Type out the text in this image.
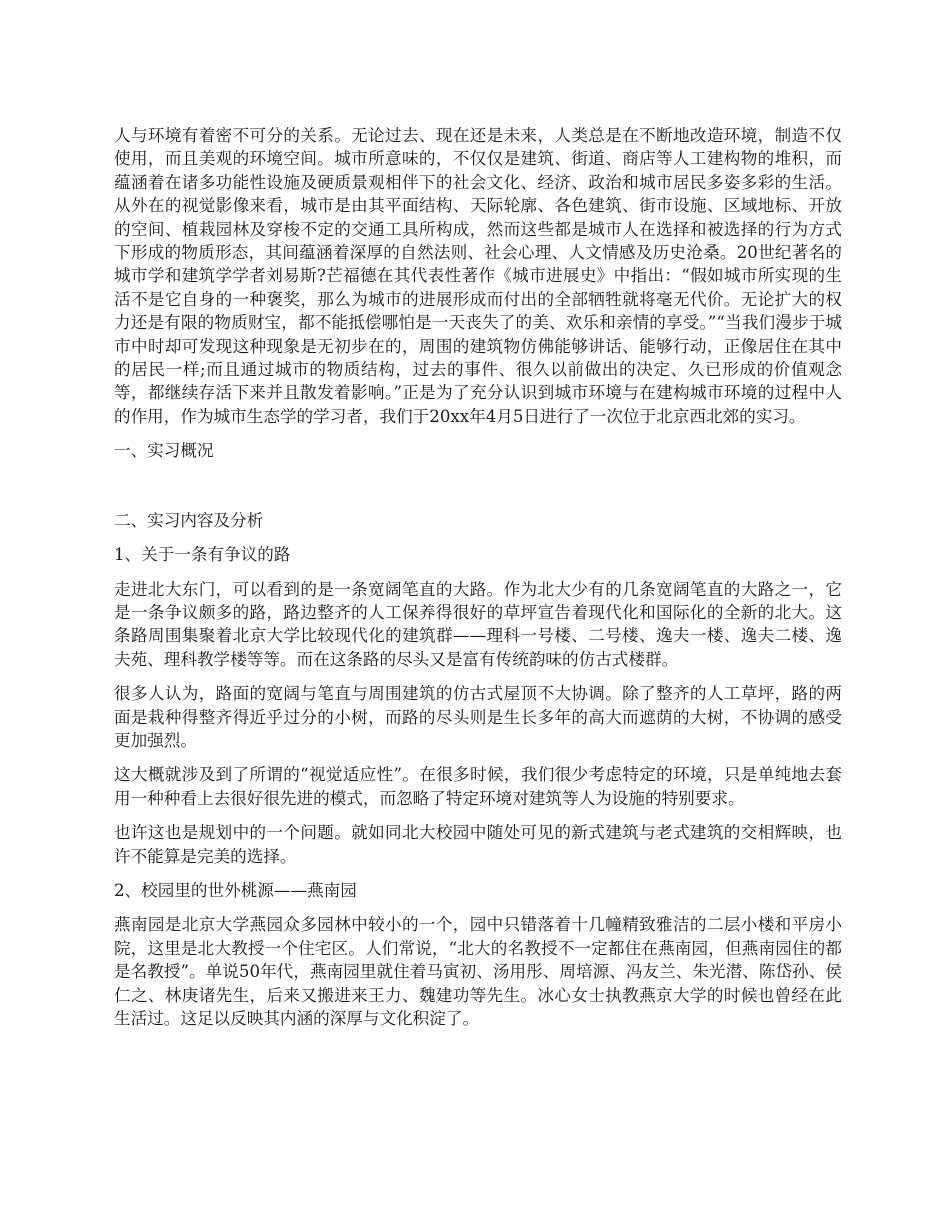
人与环境有着密不可分的关系。无论过去、现在还是未来，人类总是在不断地改造环境，制造不仅使用，而且美观的环境空间。城市所意味的，不仅仅是建筑、街道、商店等人工建构物的堆积，而蕴涵着在诸多功能性设施及硬质景观相伴下的社会文化、经济、政治和城市居民多姿多彩的生活。从外在的视觉影像来看，城市是由其平面结构、天际轮廓、各色建筑、街市设施、区域地标、开放的空间、植栽园林及穿梭不定的交通工具所构成，然而这些都是城市人在选择和被选择的行为方式下形成的物质形态，其间蕴涵着深厚的自然法则、社会心理、人文情感及历史沧桑。20世纪著名的城市学和建筑学学者刘易斯?芒福德在其代表性著作《城市进展史》中指出：“假如城市所实现的生活不是它自身的一种褒奖，那么为城市的进展形成而付出的全部牺牲就将毫无代价。无论扩大的权力还是有限的物质财宝，都不能抵偿哪怕是一天丧失了的美、欢乐和亲情的享受。”“当我们漫步于城市中时却可发现这种现象是无初步在的，周围的建筑物仿佛能够讲话、能够行动，正像居住在其中的居民一样;而且通过城市的物质结构，过去的事件、很久以前做出的决定、久已形成的价值观念等，都继续存活下来并且散发着影响。”正是为了充分认识到城市环境与在建构城市环境的过程中人的作用，作为城市生态学的学习者，我们于20xx年4月5日进行了一次位于北京西北郊的实习。

一、实习概况

二、实习内容及分析

1、关于一条有争议的路

走进北大东门，可以看到的是一条宽阔笔直的大路。作为北大少有的几条宽阔笔直的大路之一，它是一条争议颇多的路，路边整齐的人工保养得很好的草坪宣告着现代化和国际化的全新的北大。这条路周围集聚着北京大学比较现代化的建筑群——理科一号楼、二号楼、逸夫一楼、逸夫二楼、逸夫苑、理科教学楼等等。而在这条路的尽头又是富有传统韵味的仿古式楼群。

很多人认为，路面的宽阔与笔直与周围建筑的仿古式屋顶不大协调。除了整齐的人工草坪，路的两面是栽种得整齐得近乎过分的小树，而路的尽头则是生长多年的高大而遮荫的大树，不协调的感受更加强烈。

这大概就涉及到了所谓的“视觉适应性”。在很多时候，我们很少考虑特定的环境，只是单纯地去套用一种种看上去很好很先进的模式，而忽略了特定环境对建筑等人为设施的特别要求。

也许这也是规划中的一个问题。就如同北大校园中随处可见的新式建筑与老式建筑的交相辉映，也许不能算是完美的选择。

2、校园里的世外桃源——燕南园

燕南园是北京大学燕园众多园林中较小的一个，园中只错落着十几幢精致雅洁的二层小楼和平房小院，这里是北大教授一个住宅区。人们常说，“北大的名教授不一定都住在燕南园，但燕南园住的都是名教授”。单说50年代，燕南园里就住着马寅初、汤用彤、周培源、冯友兰、朱光潜、陈岱孙、侯仁之、林庚诸先生，后来又搬进来王力、魏建功等先生。冰心女士执教燕京大学的时候也曾经在此生活过。这足以反映其内涵的深厚与文化积淀了。
